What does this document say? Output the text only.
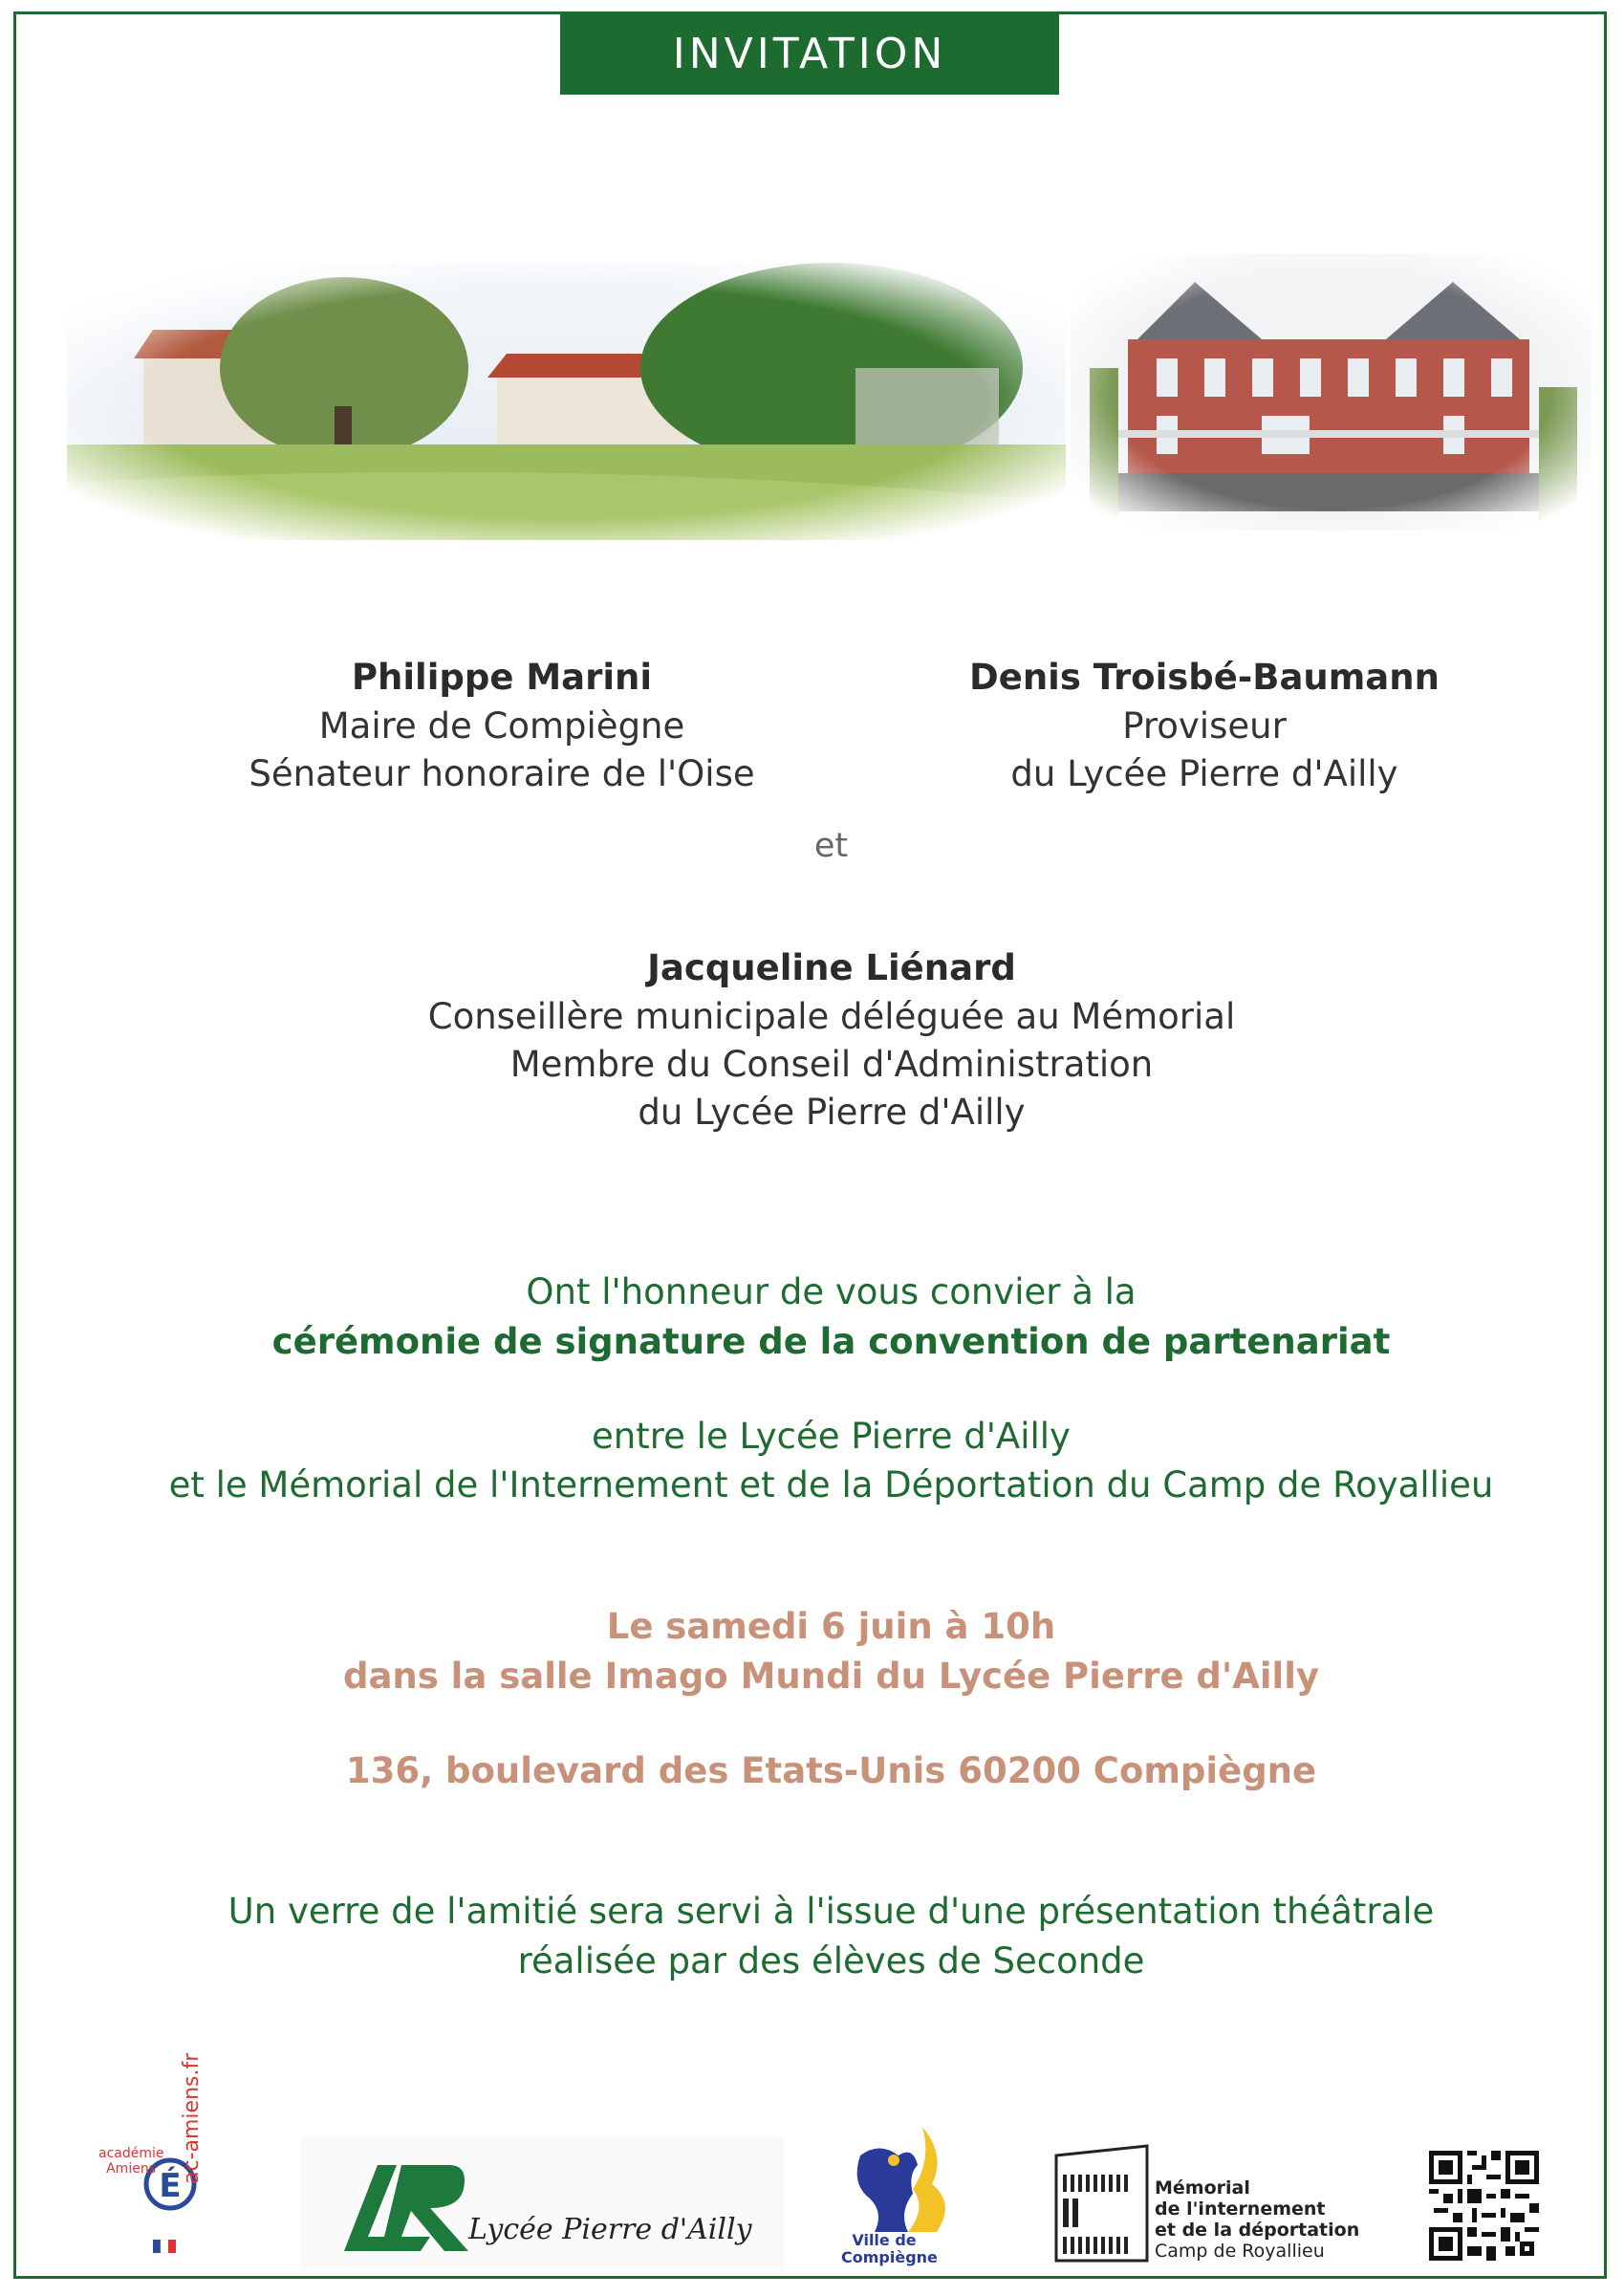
INVITATION
Philippe Marini
Maire de Compiègne
Sénateur honoraire de l'Oise
Denis Troisbé-Baumann
Proviseur
du Lycée Pierre d'Ailly
et
Jacqueline Liénard
Conseillère municipale déléguée au Mémorial
Membre du Conseil d'Administration
du Lycée Pierre d'Ailly
Ont l'honneur de vous convier à la
cérémonie de signature de la convention de partenariat
entre le Lycée Pierre d'Ailly
et le Mémorial de l'Internement et de la Déportation du Camp de Royallieu
Le samedi 6 juin à 10h
dans la salle Imago Mundi du Lycée Pierre d'Ailly
136, boulevard des Etats-Unis 60200 Compiègne
Un verre de l'amitié sera servi à l'issue d'une présentation théâtrale
réalisée par des élèves de Seconde
É
académie
Amiens ac-amiens.fr
Lycée Pierre d'Ailly	Ville de
Compiègne
Mémorial
de l'internement
et de la déportation
Camp de Royallieu
